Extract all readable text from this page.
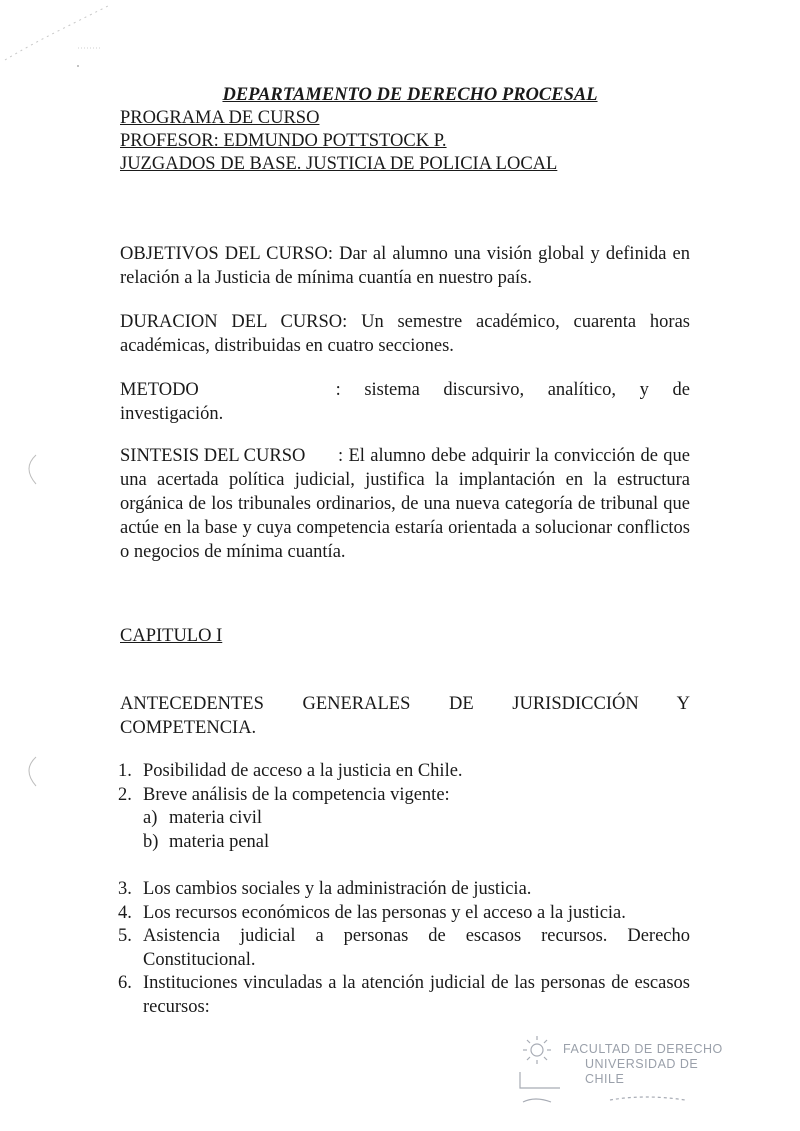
DEPARTAMENTO DE DERECHO PROCESAL
PROGRAMA DE CURSO
PROFESOR: EDMUNDO POTTSTOCK P.
JUZGADOS DE BASE. JUSTICIA DE POLICIA LOCAL
OBJETIVOS DEL CURSO: Dar al alumno una visión global y definida en relación a la Justicia de mínima cuantía en nuestro país.
DURACION DEL CURSO: Un semestre académico, cuarenta horas académicas, distribuidas en cuatro secciones.
METODO	: sistema discursivo, analítico, y de
investigación.
SINTESIS DEL CURSO : El alumno debe adquirir la convicción de que una acertada política judicial, justifica la implantación en la estructura orgánica de los tribunales ordinarios, de una nueva categoría de tribunal que actúe en la base y cuya competencia estaría orientada a solucionar conflictos o negocios de mínima cuantía.
CAPITULO I
ANTECEDENTES GENERALES DE JURISDICCIÓN Y
COMPETENCIA.
1. Posibilidad de acceso a la justicia en Chile.
2. Breve análisis de la competencia vigente:
a) materia civil
b) materia penal
3. Los cambios sociales y la administración de justicia.
4. Los recursos económicos de las personas y el acceso a la justicia.
5. Asistencia judicial a personas de escasos recursos. Derecho Constitucional.
6. Instituciones vinculadas a la atención judicial de las personas de escasos recursos:
FACULTAD DE DERECHO
UNIVERSIDAD DE CHILE
